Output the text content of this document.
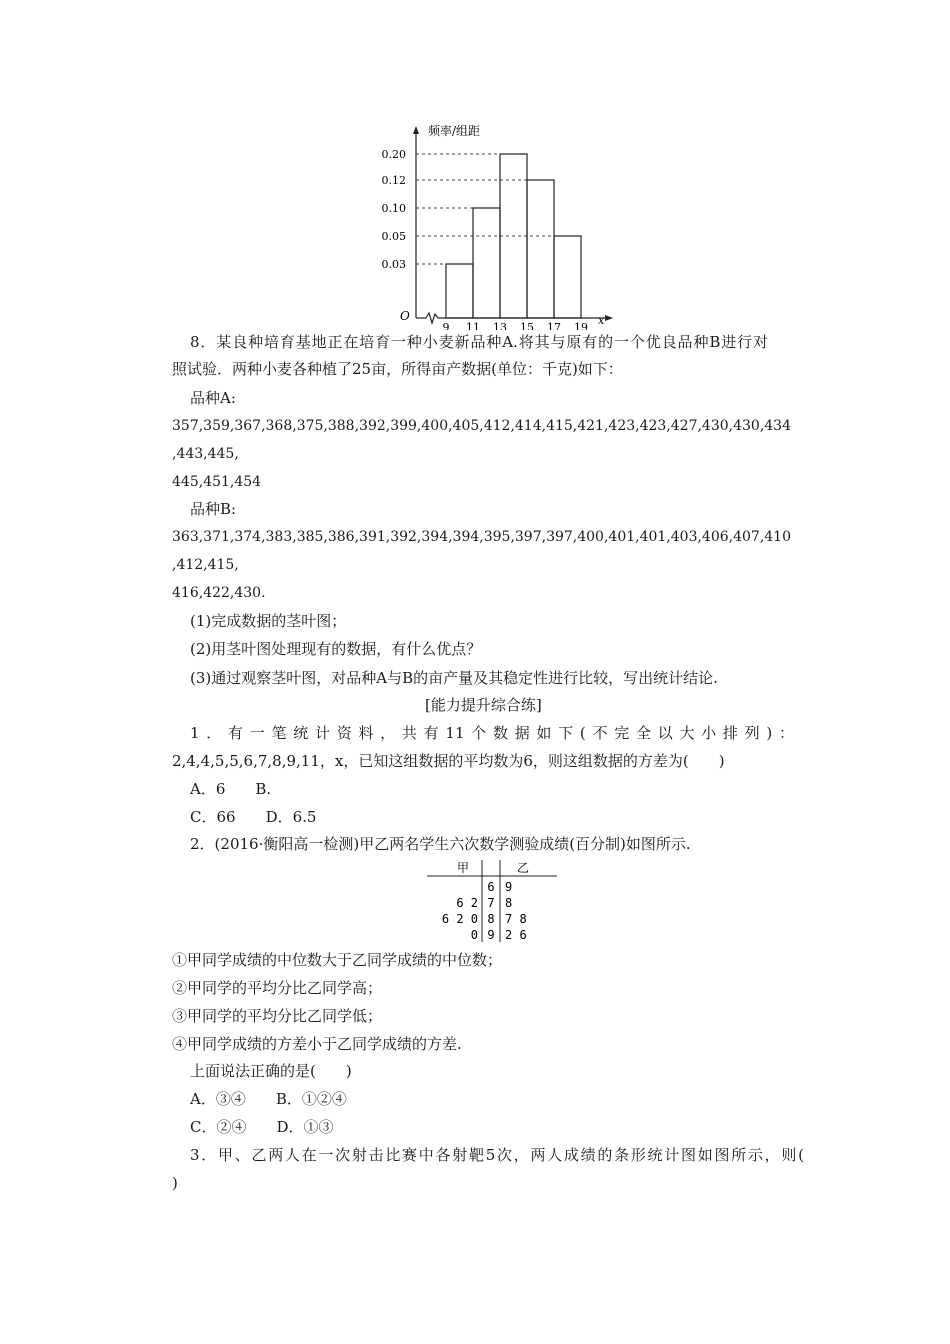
0.20
0.12
0.10
0.05
0.03
9 11 13 15 17 19
频率/组距
O	x
8．某良种培育基地正在培育一种小麦新品种A.将其与原有的一个优良品种B进行对
照试验．两种小麦各种植了25亩，所得亩产数据(单位：千克)如下：
品种A:
357,359,367,368,375,388,392,399,400,405,412,414,415,421,423,423,427,430,430,434
,443,445,
445,451,454
品种B:
363,371,374,383,385,386,391,392,394,394,395,397,397,400,401,401,403,406,407,410
,412,415,
416,422,430.
(1)完成数据的茎叶图；
(2)用茎叶图处理现有的数据，有什么优点？
(3)通过观察茎叶图，对品种A与B的亩产量及其稳定性进行比较，写出统计结论.
[能力提升综合练]
1．有一笔统计资料，共有11个数据如下(不完全以大小排列)：
2,4,4,5,5,6,7,8,9,11，x，已知这组数据的平均数为6，则这组数据的方差为(　　)
A．6　　B.
C．66　　D．6.5
2．(2016·衡阳高一检测)甲乙两名学生六次数学测验成绩(百分制)如图所示.
甲	乙
6 9
6 2 7 8
6 2 0 8 7 8
0 9 2 6
①甲同学成绩的中位数大于乙同学成绩的中位数；
②甲同学的平均分比乙同学高；
③甲同学的平均分比乙同学低；
④甲同学成绩的方差小于乙同学成绩的方差.
上面说法正确的是(　　)
A．③④　　B．①②④
C．②④　　D．①③
3．甲、乙两人在一次射击比赛中各射靶5次，两人成绩的条形统计图如图所示，则(
)
